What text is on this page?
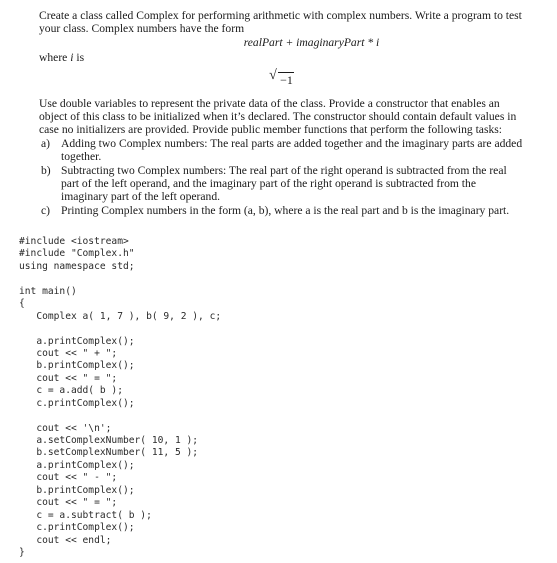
Create a class called Complex for performing arithmetic with complex numbers. Write a program to test your class. Complex numbers have the form

realPart + imaginaryPart * i

where i is

√ −1

Use double variables to represent the private data of the class. Provide a constructor that enables an object of this class to be initialized when it’s declared. The constructor should contain default values in case no initializers are provided. Provide public member functions that perform the following tasks:

a) Adding two Complex numbers: The real parts are added together and the imaginary parts are added together.
b) Subtracting two Complex numbers: The real part of the right operand is subtracted from the real part of the left operand, and the imaginary part of the right operand is subtracted from the imaginary part of the left operand.
c) Printing Complex numbers in the form (a, b), where a is the real part and b is the imaginary part.
#include <iostream>
#include "Complex.h"
using namespace std;
int main()
{
Complex a( 1, 7 ), b( 9, 2 ), c;
a.printComplex();
cout << " + ";
b.printComplex();
cout << " = ";
c = a.add( b );
c.printComplex();
cout << '\n';
a.setComplexNumber( 10, 1 );
b.setComplexNumber( 11, 5 );
a.printComplex();
cout << " - ";
b.printComplex();
cout << " = ";
c = a.subtract( b );
c.printComplex();
cout << endl;
}
